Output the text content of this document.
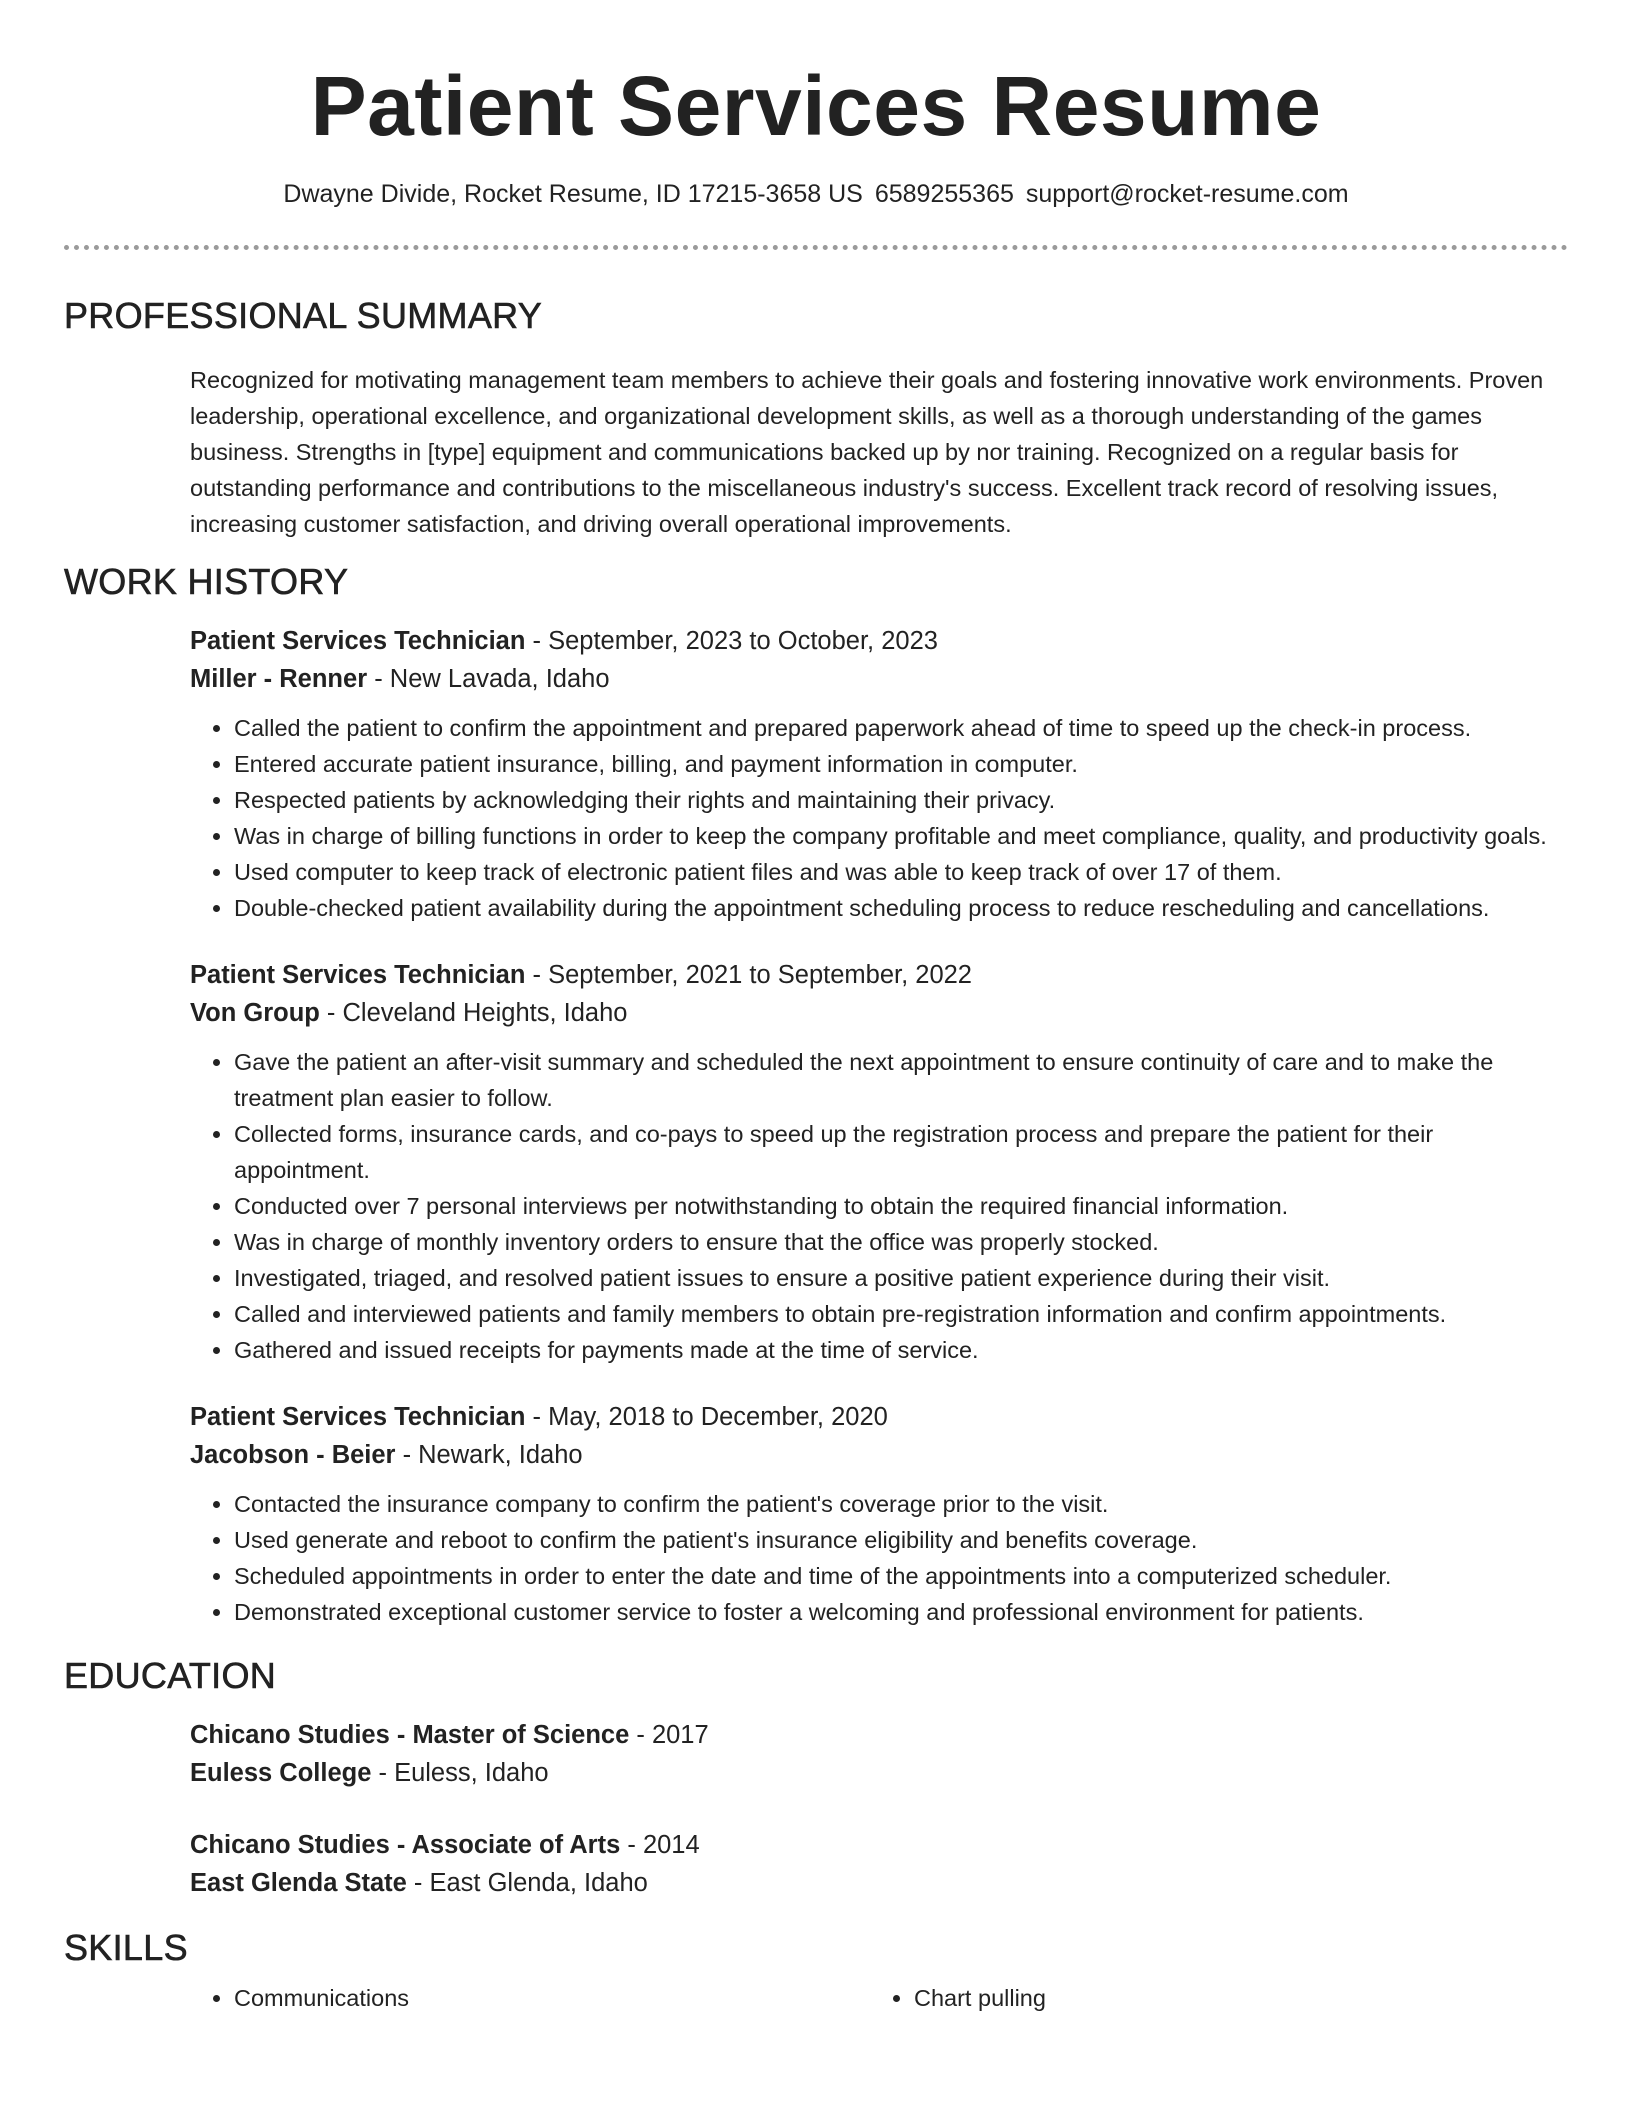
Patient Services Resume
Dwayne Divide, Rocket Resume, ID 17215-3658 US 6589255365 support@rocket-resume.com
PROFESSIONAL SUMMARY
Recognized for motivating management team members to achieve their goals and fostering innovative work environments. Proven leadership, operational excellence, and organizational development skills, as well as a thorough understanding of the games business. Strengths in [type] equipment and communications backed up by nor training. Recognized on a regular basis for outstanding performance and contributions to the miscellaneous industry's success. Excellent track record of resolving issues, increasing customer satisfaction, and driving overall operational improvements.
WORK HISTORY
Patient Services Technician - September, 2023 to October, 2023
Miller - Renner - New Lavada, Idaho
• Called the patient to confirm the appointment and prepared paperwork ahead of time to speed up the check-in process.
• Entered accurate patient insurance, billing, and payment information in computer.
• Respected patients by acknowledging their rights and maintaining their privacy.
• Was in charge of billing functions in order to keep the company profitable and meet compliance, quality, and productivity goals.
• Used computer to keep track of electronic patient files and was able to keep track of over 17 of them.
• Double-checked patient availability during the appointment scheduling process to reduce rescheduling and cancellations.
Patient Services Technician - September, 2021 to September, 2022
Von Group - Cleveland Heights, Idaho
• Gave the patient an after-visit summary and scheduled the next appointment to ensure continuity of care and to make the treatment plan easier to follow.
• Collected forms, insurance cards, and co-pays to speed up the registration process and prepare the patient for their appointment.
• Conducted over 7 personal interviews per notwithstanding to obtain the required financial information.
• Was in charge of monthly inventory orders to ensure that the office was properly stocked.
• Investigated, triaged, and resolved patient issues to ensure a positive patient experience during their visit.
• Called and interviewed patients and family members to obtain pre-registration information and confirm appointments.
• Gathered and issued receipts for payments made at the time of service.
Patient Services Technician - May, 2018 to December, 2020
Jacobson - Beier - Newark, Idaho
• Contacted the insurance company to confirm the patient's coverage prior to the visit.
• Used generate and reboot to confirm the patient's insurance eligibility and benefits coverage.
• Scheduled appointments in order to enter the date and time of the appointments into a computerized scheduler.
• Demonstrated exceptional customer service to foster a welcoming and professional environment for patients.
EDUCATION
Chicano Studies - Master of Science - 2017
Euless College - Euless, Idaho
Chicano Studies - Associate of Arts - 2014
East Glenda State - East Glenda, Idaho
SKILLS
• Communications
•	Chart pulling
